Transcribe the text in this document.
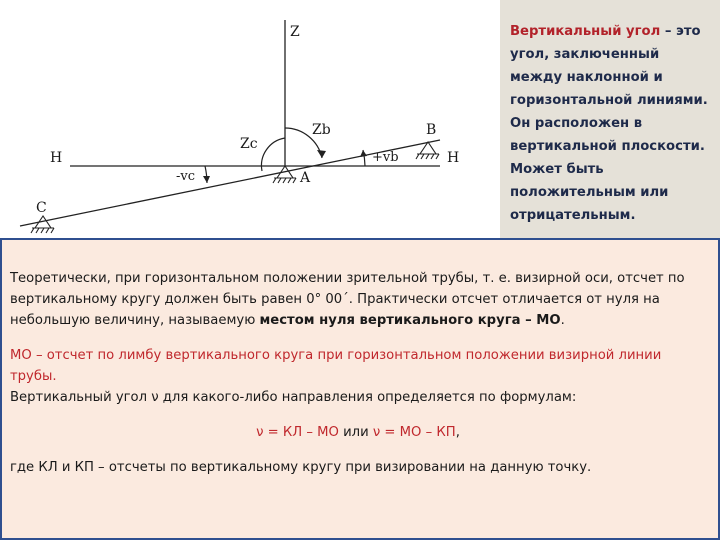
Z
Zc
Zb	B
H	H
+vb
-vc	A
C
Вертикальный угол – это угол, заключенный между наклонной и горизонтальной линиями. Он расположен в вертикальной плоскости. Может быть положительным или отрицательным.

Теоретически, при горизонтальном положении зрительной трубы, т. е. визирной оси, отсчет по вертикальному кругу должен быть равен 0° 00´. Практически отсчет отличается от нуля на небольшую величину, называемую местом нуля вертикального круга – МО.

МО – отсчет по лимбу вертикального круга при горизонтальном положении визирной линии трубы.

Вертикальный угол ν для какого-либо направления определяется по формулам:

ν = КЛ – МО или ν = МО – КП,

где КЛ и КП – отсчеты по вертикальному кругу при визировании на данную точку.
